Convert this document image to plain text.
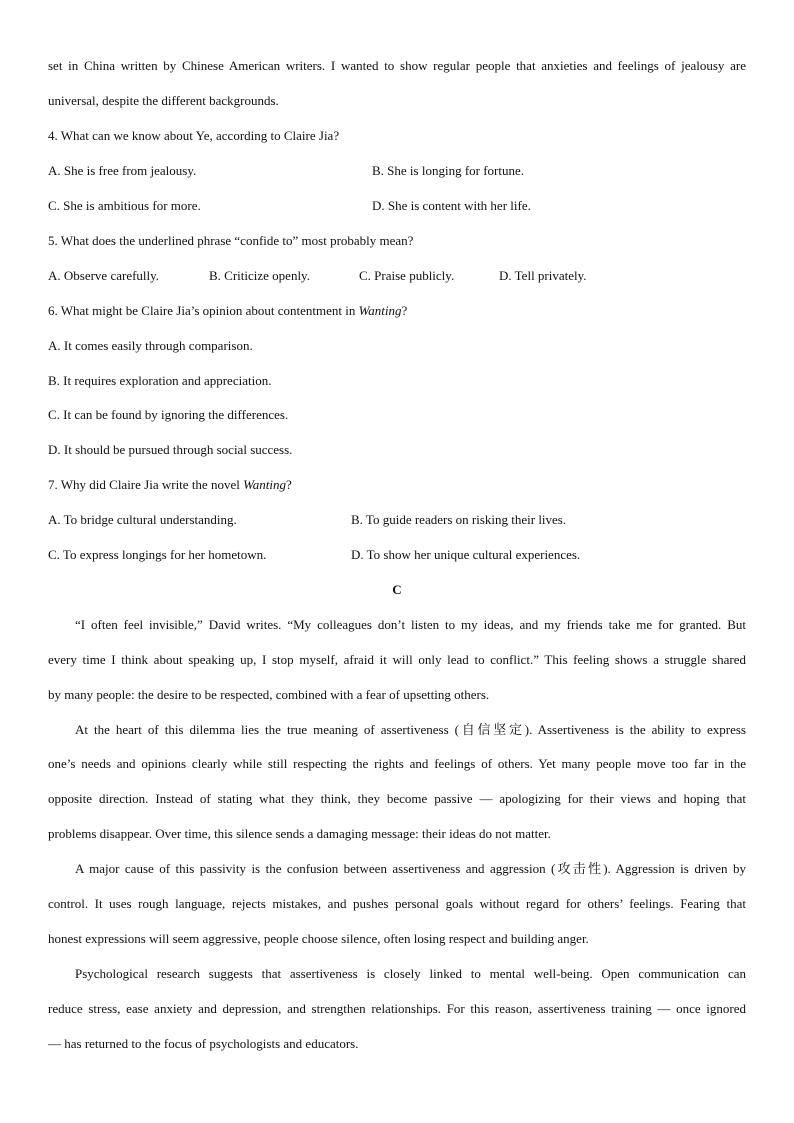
set in China written by Chinese American writers. I wanted to show regular people that anxieties and feelings of jealousy are
universal, despite the different backgrounds.
4. What can we know about Ye, according to Claire Jia?
A. She is free from jealousy.	B. She is longing for fortune.
C. She is ambitious for more.	D. She is content with her life.
5. What does the underlined phrase “confide to” most probably mean?
A. Observe carefully.	B. Criticize openly.	C. Praise publicly.	D. Tell privately.
6. What might be Claire Jia’s opinion about contentment in Wanting?
A. It comes easily through comparison.
B. It requires exploration and appreciation.
C. It can be found by ignoring the differences.
D. It should be pursued through social success.
7. Why did Claire Jia write the novel Wanting?
A. To bridge cultural understanding.	B. To guide readers on risking their lives.
C. To express longings for her hometown.	D. To show her unique cultural experiences.
C
“I often feel invisible,” David writes. “My colleagues don’t listen to my ideas, and my friends take me for granted. But
every time I think about speaking up, I stop myself, afraid it will only lead to conflict.” This feeling shows a struggle shared
by many people: the desire to be respected, combined with a fear of upsetting others.
At the heart of this dilemma lies the true meaning of assertiveness (自信坚定). Assertiveness is the ability to express
one’s needs and opinions clearly while still respecting the rights and feelings of others. Yet many people move too far in the
opposite direction. Instead of stating what they think, they become passive — apologizing for their views and hoping that
problems disappear. Over time, this silence sends a damaging message: their ideas do not matter.
A major cause of this passivity is the confusion between assertiveness and aggression (攻击性). Aggression is driven by
control. It uses rough language, rejects mistakes, and pushes personal goals without regard for others’ feelings. Fearing that
honest expressions will seem aggressive, people choose silence, often losing respect and building anger.
Psychological research suggests that assertiveness is closely linked to mental well-being. Open communication can
reduce stress, ease anxiety and depression, and strengthen relationships. For this reason, assertiveness training — once ignored
— has returned to the focus of psychologists and educators.
